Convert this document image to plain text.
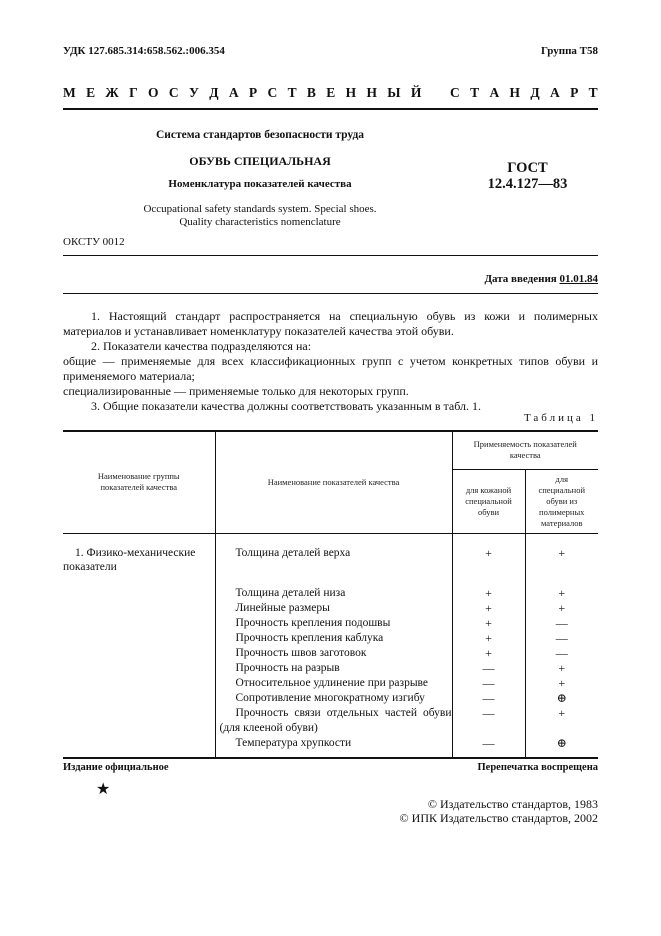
УДК 127.685.314:658.562.:006.354	Группа Т58
М Е Ж Г О С У Д А Р С Т В Е Н Н Ы Й С Т А Н Д А Р Т
Система стандартов безопасности труда
ОБУВЬ СПЕЦИАЛЬНАЯ
Номенклатура показателей качества
Occupational safety standards system. Special shoes.
Quality characteristics nomenclature
ГОСТ
12.4.127—83
ОКСТУ 0012
Дата введения 01.01.84

1. Настоящий стандарт распространяется на специальную обувь из кожи и полимерных материалов и устанавливает номенклатуру показателей качества этой обуви.

2. Показатели качества подразделяются на:

общие — применяемые для всех классификационных групп с учетом конкретных типов обуви и применяемого материала;

специализированные — применяемые только для некоторых групп.

3. Общие показатели качества должны соответствовать указанным в табл. 1.

Таблица 1
Наименование группы показателей качества	Наименование показателей качества	Применяемость показателей качества	
		для кожаной специальной обуви	для специальной обуви из полимерных материалов

1. Физико-механические показатели	Толщина деталей верха	+	+

	Толщина деталей низа	+	+

	Линейные размеры	+	+

	Прочность крепления подошвы	+	—

	Прочность крепления каблука	+	—

	Прочность швов заготовок	+	—

	Прочность на разрыв	—	+

	Относительное удлинение при разрыве	—	+

	Сопротивление многократному изгибу	—	⊕

	Прочность связи отдельных частей обуви (для клееной обуви)	—	+

	Температура хрупкости	—	⊕
Издание официальное	Перепечатка воспрещена
★
© Издательство стандартов, 1983
© ИПК Издательство стандартов, 2002
